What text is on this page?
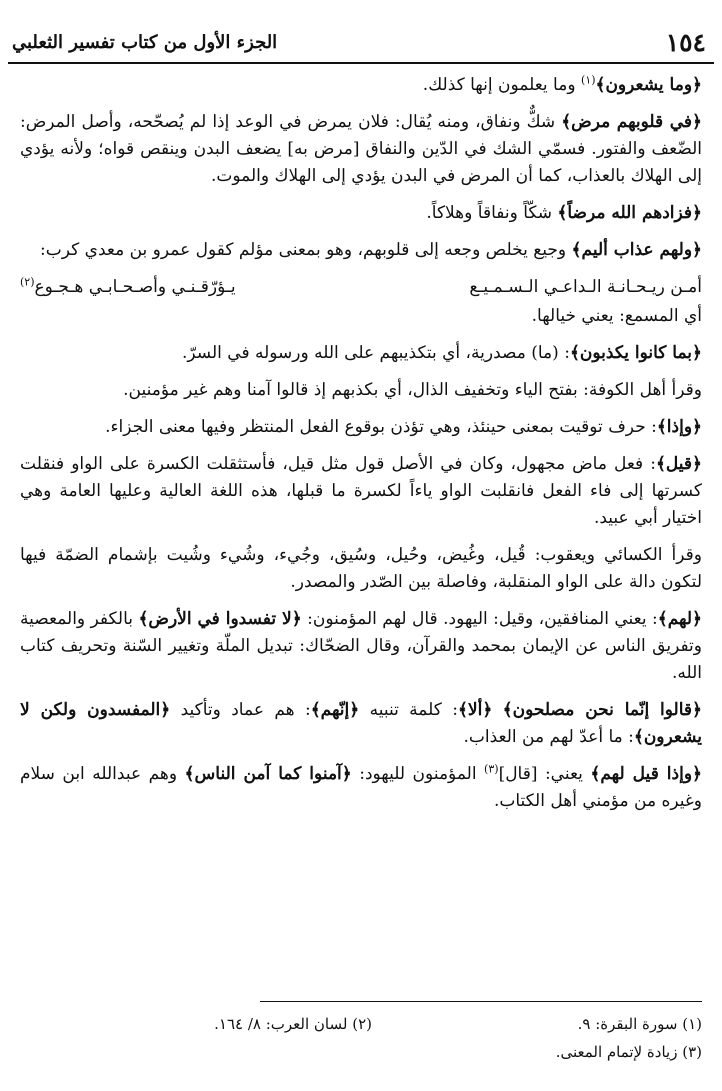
١٥٤
الجزء الأول من كتاب تفسير الثعلبي

﴿وما يشعرون﴾$^{(١)}$ وما يعلمون إنها كذلك.

﴿في قلوبهم مرض﴾ شكٌّ ونفاق، ومنه يُقال: فلان يمرض في الوعد إذا لم يُصحّحه، وأصل المرض: الضّعف والفتور. فسمّي الشك في الدّين والنفاق [مرض به] يضعف البدن وينقص قواه؛ ولأنه يؤدي إلى الهلاك بالعذاب، كما أن المرض في البدن يؤدي إلى الهلاك والموت.

﴿فزادهم الله مرضاً﴾ شكّاً ونفاقاً وهلاكاً.

﴿ولهم عذاب أليم﴾ وجيع يخلص وجعه إلى قلوبهم، وهو بمعنى مؤلم كقول عمرو بن معدي كرب:

أمـن ريـحـانـة الـداعـي الـسـمـيـع
يـؤرّقـنـي وأصـحـابـي هـجـوع$^{(٢)}$

أي المسمع: يعني خيالها.

﴿بما كانوا يكذبون﴾: (ما) مصدرية، أي بتكذيبهم على الله ورسوله في السرّ.

وقرأ أهل الكوفة: بفتح الياء وتخفيف الذال، أي بكذبهم إذ قالوا آمنا وهم غير مؤمنين.

﴿وإذا﴾: حرف توقيت بمعنى حينئذ، وهي تؤذن بوقوع الفعل المنتظر وفيها معنى الجزاء.

﴿قيل﴾: فعل ماض مجهول، وكان في الأصل قول مثل قيل، فأستثقلت الكسرة على الواو فنقلت كسرتها إلى فاء الفعل فانقلبت الواو ياءاً لكسرة ما قبلها، هذه اللغة العالية وعليها العامة وهي اختيار أبي عبيد.

وقرأ الكسائي ويعقوب: قُيل، وغُيض، وحُيل، وسُيق، وجُيء، وشُيء وشُيت بإشمام الضمّة فيها لتكون دالة على الواو المنقلبة، وفاصلة بين الصّدر والمصدر.

﴿لهم﴾: يعني المنافقين، وقيل: اليهود. قال لهم المؤمنون: ﴿لا تفسدوا في الأرض﴾ بالكفر والمعصية وتفريق الناس عن الإيمان بمحمد والقرآن، وقال الضحّاك: تبديل الملّة وتغيير السّنة وتحريف كتاب الله.

﴿قالوا إنّما نحن مصلحون﴾ ﴿ألا﴾: كلمة تنبيه ﴿إنّهم﴾: هم عماد وتأكيد ﴿المفسدون ولكن لا يشعرون﴾: ما أعدّ لهم من العذاب.

﴿وإذا قيل لهم﴾ يعني: [قال]$^{(٣)}$ المؤمنون لليهود: ﴿آمنوا كما آمن الناس﴾ وهم عبدالله ابن سلام وغيره من مؤمني أهل الكتاب.

(١) سورة البقرة: ٩.
(٢) لسان العرب: ٨/ ١٦٤.
(٣) زيادة لإتمام المعنى.
